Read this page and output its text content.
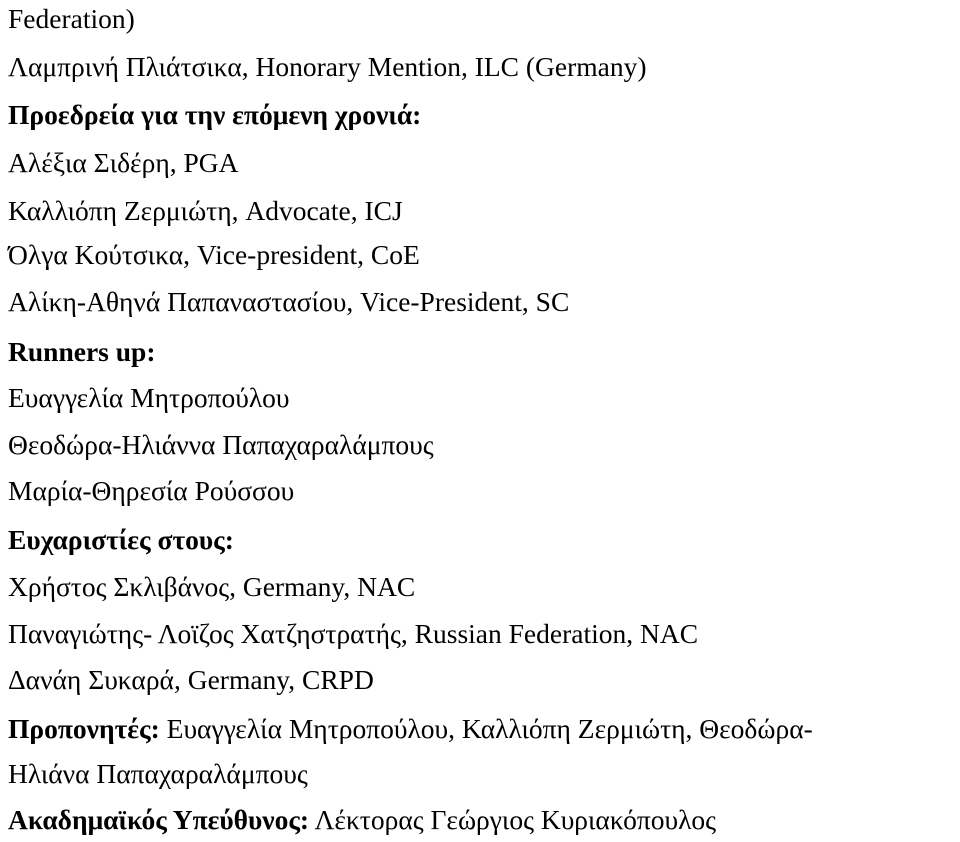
Federation)
Λαμπρινή Πλιάτσικα, Honorary Mention, ILC (Germany)
Προεδρεία για την επόμενη χρονιά:
Αλέξια Σιδέρη, PGA
Καλλιόπη Ζερμιώτη, Advocate, ICJ
Όλγα Κούτσικα, Vice-president, CoE
Αλίκη-Αθηνά Παπαναστασίου, Vice-President, SC
Runners up:
Ευαγγελία Μητροπούλου
Θεοδώρα-Ηλιάννα Παπαχαραλάμπους
Μαρία-Θηρεσία Ρούσσου
Ευχαριστίες στους:
Χρήστος Σκλιβάνος, Germany, NAC
Παναγιώτης- Λοϊζος Χατζηστρατής, Russian Federation, NAC
Δανάη Συκαρά, Germany, CRPD
Προπονητές: Ευαγγελία Μητροπούλου, Καλλιόπη Ζερμιώτη, Θεοδώρα-
Ηλιάνα Παπαχαραλάμπους
Ακαδημαϊκός Υπεύθυνος: Λέκτορας Γεώργιος Κυριακόπουλος
